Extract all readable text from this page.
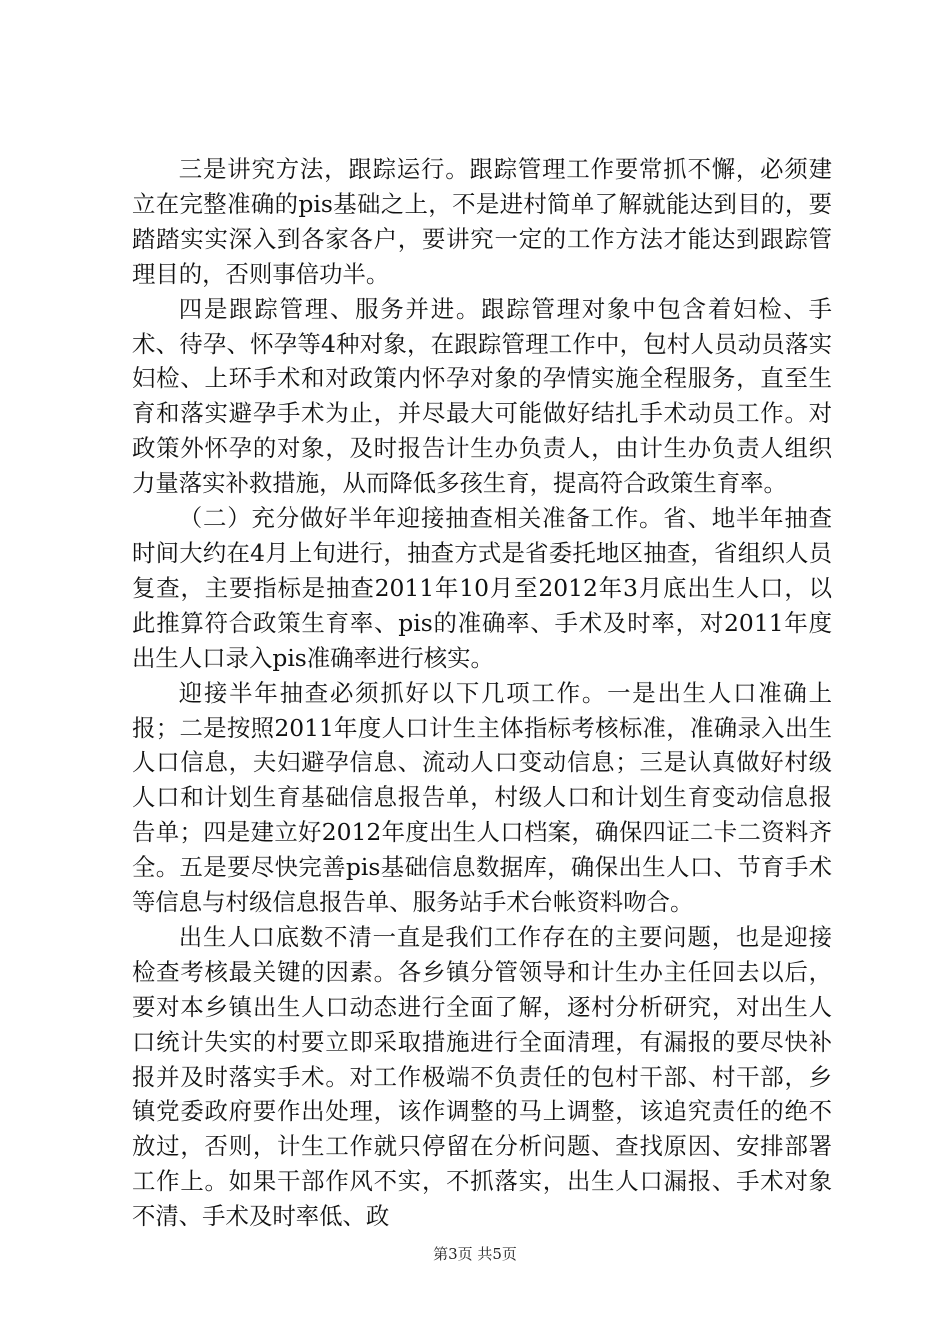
三是讲究方法，跟踪运行。跟踪管理工作要常抓不懈，必须建立在完整准确的pis基础之上，不是进村简单了解就能达到目的，要踏踏实实深入到各家各户，要讲究一定的工作方法才能达到跟踪管理目的，否则事倍功半。

四是跟踪管理、服务并进。跟踪管理对象中包含着妇检、手术、待孕、怀孕等4种对象，在跟踪管理工作中，包村人员动员落实妇检、上环手术和对政策内怀孕对象的孕情实施全程服务，直至生育和落实避孕手术为止，并尽最大可能做好结扎手术动员工作。对政策外怀孕的对象，及时报告计生办负责人，由计生办负责人组织力量落实补救措施，从而降低多孩生育，提高符合政策生育率。

（二）充分做好半年迎接抽查相关准备工作。省、地半年抽查时间大约在4月上旬进行，抽查方式是省委托地区抽查，省组织人员复查，主要指标是抽查2011年10月至2012年3月底出生人口，以此推算符合政策生育率、pis的准确率、手术及时率，对2011年度出生人口录入pis准确率进行核实。

迎接半年抽查必须抓好以下几项工作。一是出生人口准确上报；二是按照2011年度人口计生主体指标考核标准，准确录入出生人口信息，夫妇避孕信息、流动人口变动信息；三是认真做好村级人口和计划生育基础信息报告单，村级人口和计划生育变动信息报告单；四是建立好2012年度出生人口档案，确保四证二卡二资料齐全。五是要尽快完善pis基础信息数据库，确保出生人口、节育手术等信息与村级信息报告单、服务站手术台帐资料吻合。

出生人口底数不清一直是我们工作存在的主要问题，也是迎接检查考核最关键的因素。各乡镇分管领导和计生办主任回去以后，要对本乡镇出生人口动态进行全面了解，逐村分析研究，对出生人口统计失实的村要立即采取措施进行全面清理，有漏报的要尽快补报并及时落实手术。对工作极端不负责任的包村干部、村干部，乡镇党委政府要作出处理，该作调整的马上调整，该追究责任的绝不放过，否则，计生工作就只停留在分析问题、查找原因、安排部署工作上。如果干部作风不实，不抓落实，出生人口漏报、手术对象不清、手术及时率低、政

第3页 共5页
